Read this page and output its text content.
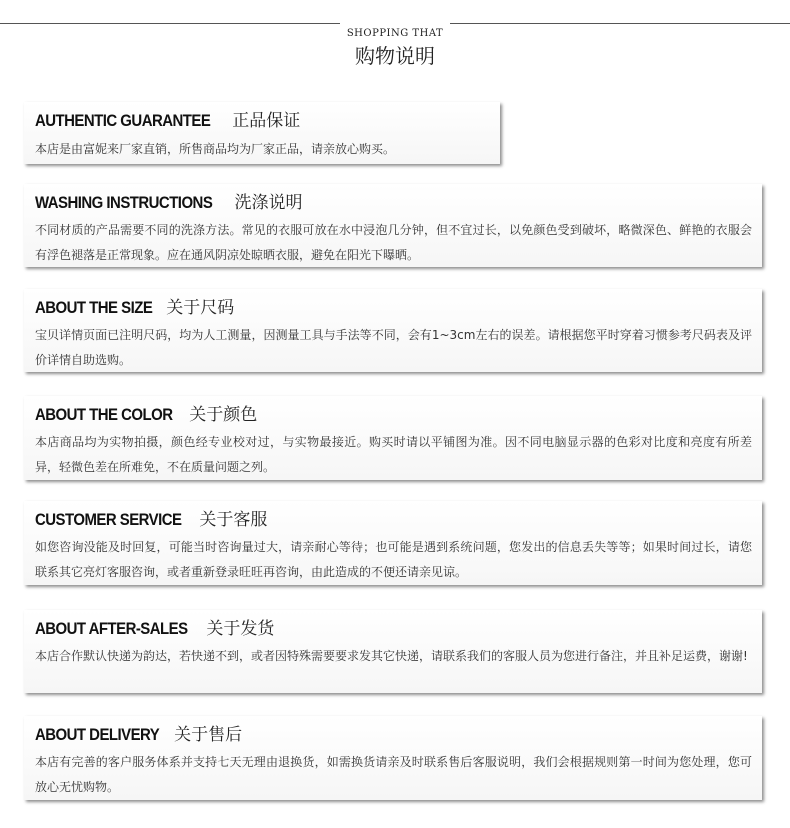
SHOPPING THAT
购物说明
AUTHENTIC GUARANTEE 正品保证
本店是由富妮来厂家直销，所售商品均为厂家正品，请亲放心购买。
WASHING INSTRUCTIONS 洗涤说明
不同材质的产品需要不同的洗涤方法。常见的衣服可放在水中浸泡几分钟，但不宜过长，以免颜色受到破坏，略微深色、鲜艳的衣服会有浮色褪落是正常现象。应在通风阴凉处晾晒衣服，避免在阳光下曝晒。
ABOUT THE SIZE 关于尺码
宝贝详情页面已注明尺码，均为人工测量，因测量工具与手法等不同，会有1~3cm左右的误差。请根据您平时穿着习惯参考尺码表及评价详情自助选购。
ABOUT THE COLOR 关于颜色
本店商品均为实物拍摄，颜色经专业校对过，与实物最接近。购买时请以平铺图为准。因不同电脑显示器的色彩对比度和亮度有所差异，轻微色差在所难免，不在质量问题之列。
CUSTOMER SERVICE 关于客服
如您咨询没能及时回复，可能当时咨询量过大，请亲耐心等待；也可能是遇到系统问题，您发出的信息丢失等等；如果时间过长，请您联系其它亮灯客服咨询，或者重新登录旺旺再咨询，由此造成的不便还请亲见谅。
ABOUT AFTER-SALES 关于发货
本店合作默认快递为韵达，若快递不到，或者因特殊需要要求发其它快递，请联系我们的客服人员为您进行备注，并且补足运费，谢谢!
ABOUT DELIVERY 关于售后
本店有完善的客户服务体系并支持七天无理由退换货，如需换货请亲及时联系售后客服说明，我们会根据规则第一时间为您处理，您可放心无忧购物。
